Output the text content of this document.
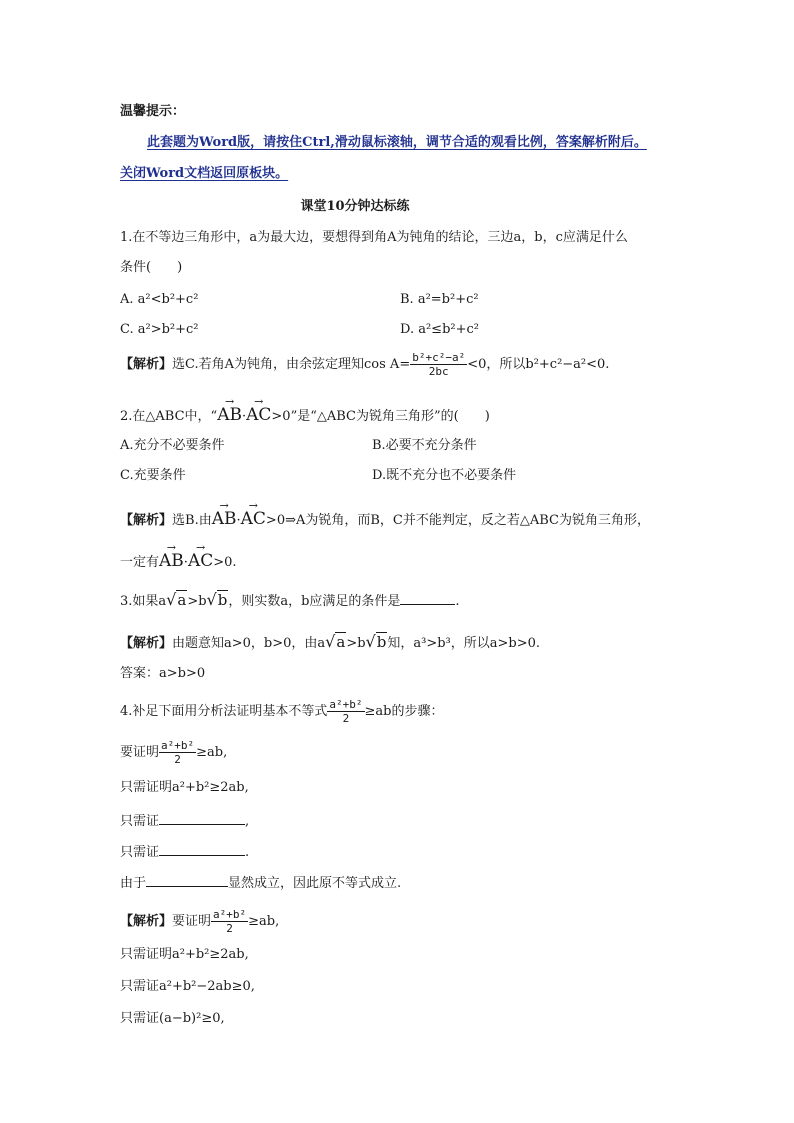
温馨提示：
此套题为Word版，请按住Ctrl,滑动鼠标滚轴，调节合适的观看比例，答案解析附后。
关闭Word文档返回原板块。
课堂10分钟达标练
1.在不等边三角形中，a为最大边，要想得到角A为钝角的结论，三边a，b，c应满足什么
条件(　　)
A. a²<b²+c²	B. a²=b²+c²
C. a²>b²+c²	D. a²≤b²+c²
【解析】选C.若角A为钝角，由余弦定理知$\cos A= \frac{\text{b²+c²−a²}}{2bc} <0$，所以b²+c²−a²<0.
2.在△ABC中，“→ AB·→ AC>0”是“△ABC为锐角三角形”的(　　)
A.充分不必要条件	B.必要不充分条件
C.充要条件	D.既不充分也不必要条件
【解析】选B.由→ AB·→ AC>0⇒A为锐角，而B，C并不能判定，反之若△ABC为锐角三角形，
一定有→ AB·→ AC>0.
3.如果a√a>b√b，则实数a，b应满足的条件是	.
【解析】由题意知a>0，b>0，由a√a>b√b知，a³>b³，所以a>b>0.
答案：a>b>0
4.补足下面用分析法证明基本不等式 $\frac{\text{a²+b²}}{2} \ge ab$的步骤：
要证明 $\frac{\text{a²+b²}}{2} \ge ab$,
只需证明a²+b²≥2ab,
只需证	,
只需证	.
由于	显然成立，因此原不等式成立.
【解析】要证明 $\frac{\text{a²+b²}}{2} \ge ab$,
只需证明a²+b²≥2ab,
只需证a²+b²−2ab≥0,
只需证(a−b)²≥0,
